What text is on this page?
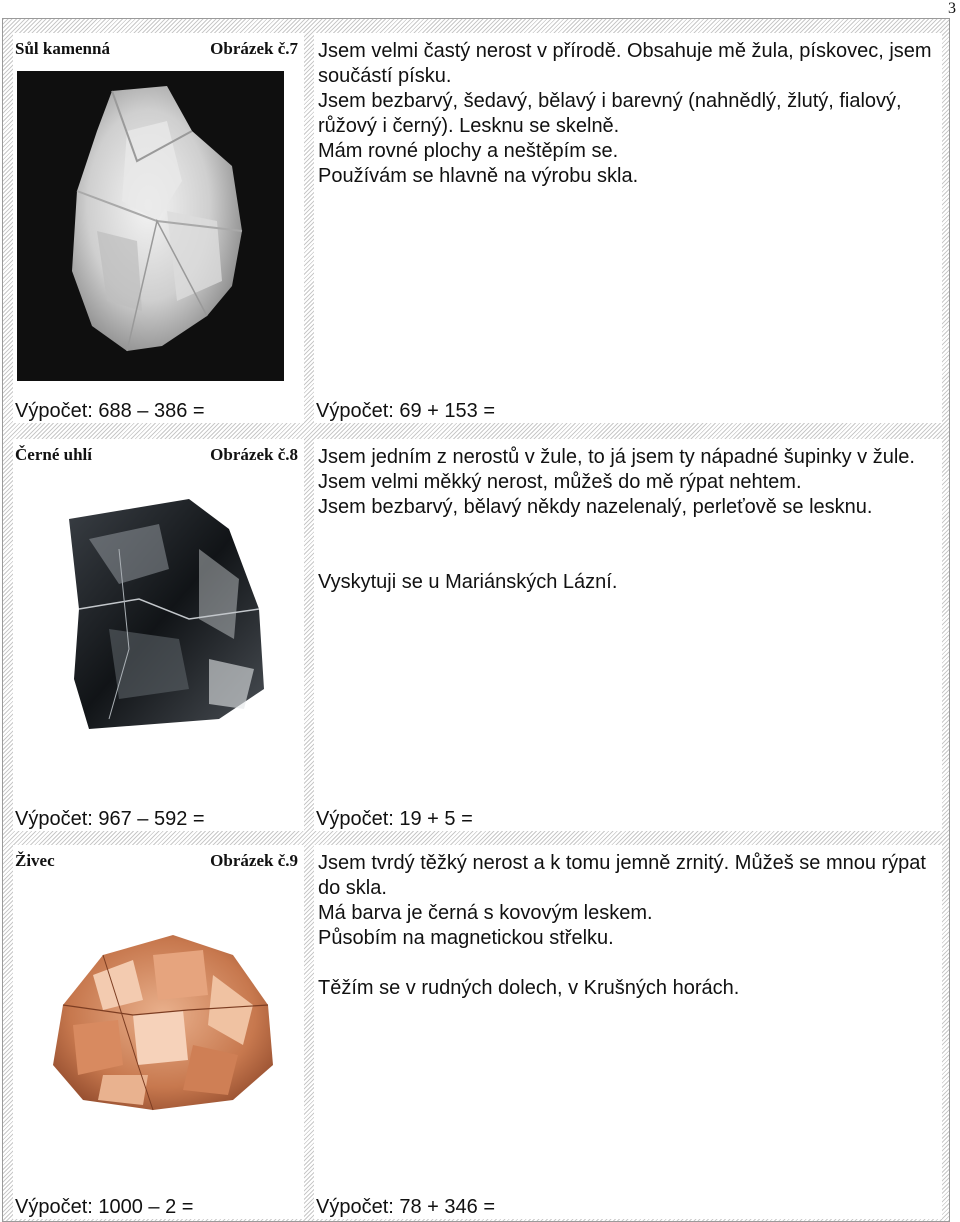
3
Sůl kamenná	Obrázek č.7
Výpočet: 688 – 386 =

Jsem velmi častý nerost v přírodě. Obsahuje mě žula, pískovec, jsem součástí písku.

Jsem bezbarvý, šedavý, bělavý i barevný (nahnědlý, žlutý, fialový, růžový i černý). Lesknu se skelně.

Mám rovné plochy a neštěpím se.

Používám se hlavně na výrobu skla.

Výpočet: 69 + 153 =
Černé uhlí	Obrázek č.8
Výpočet: 967 – 592 =

Jsem jedním z nerostů v žule, to já jsem ty nápadné šupinky v žule.

Jsem velmi měkký nerost, můžeš do mě rýpat nehtem.

Jsem bezbarvý, bělavý někdy nazelenalý, perleťově se lesknu.

Vyskytuji se u Mariánských Lázní.

Výpočet: 19 + 5 =
Živec	Obrázek č.9
Výpočet: 1000 – 2 =

Jsem tvrdý těžký nerost a k tomu jemně zrnitý. Můžeš se mnou rýpat do skla.

Má barva je černá s kovovým leskem.

Působím na magnetickou střelku.

Těžím se v rudných dolech, v Krušných horách.

Výpočet: 78 + 346 =
